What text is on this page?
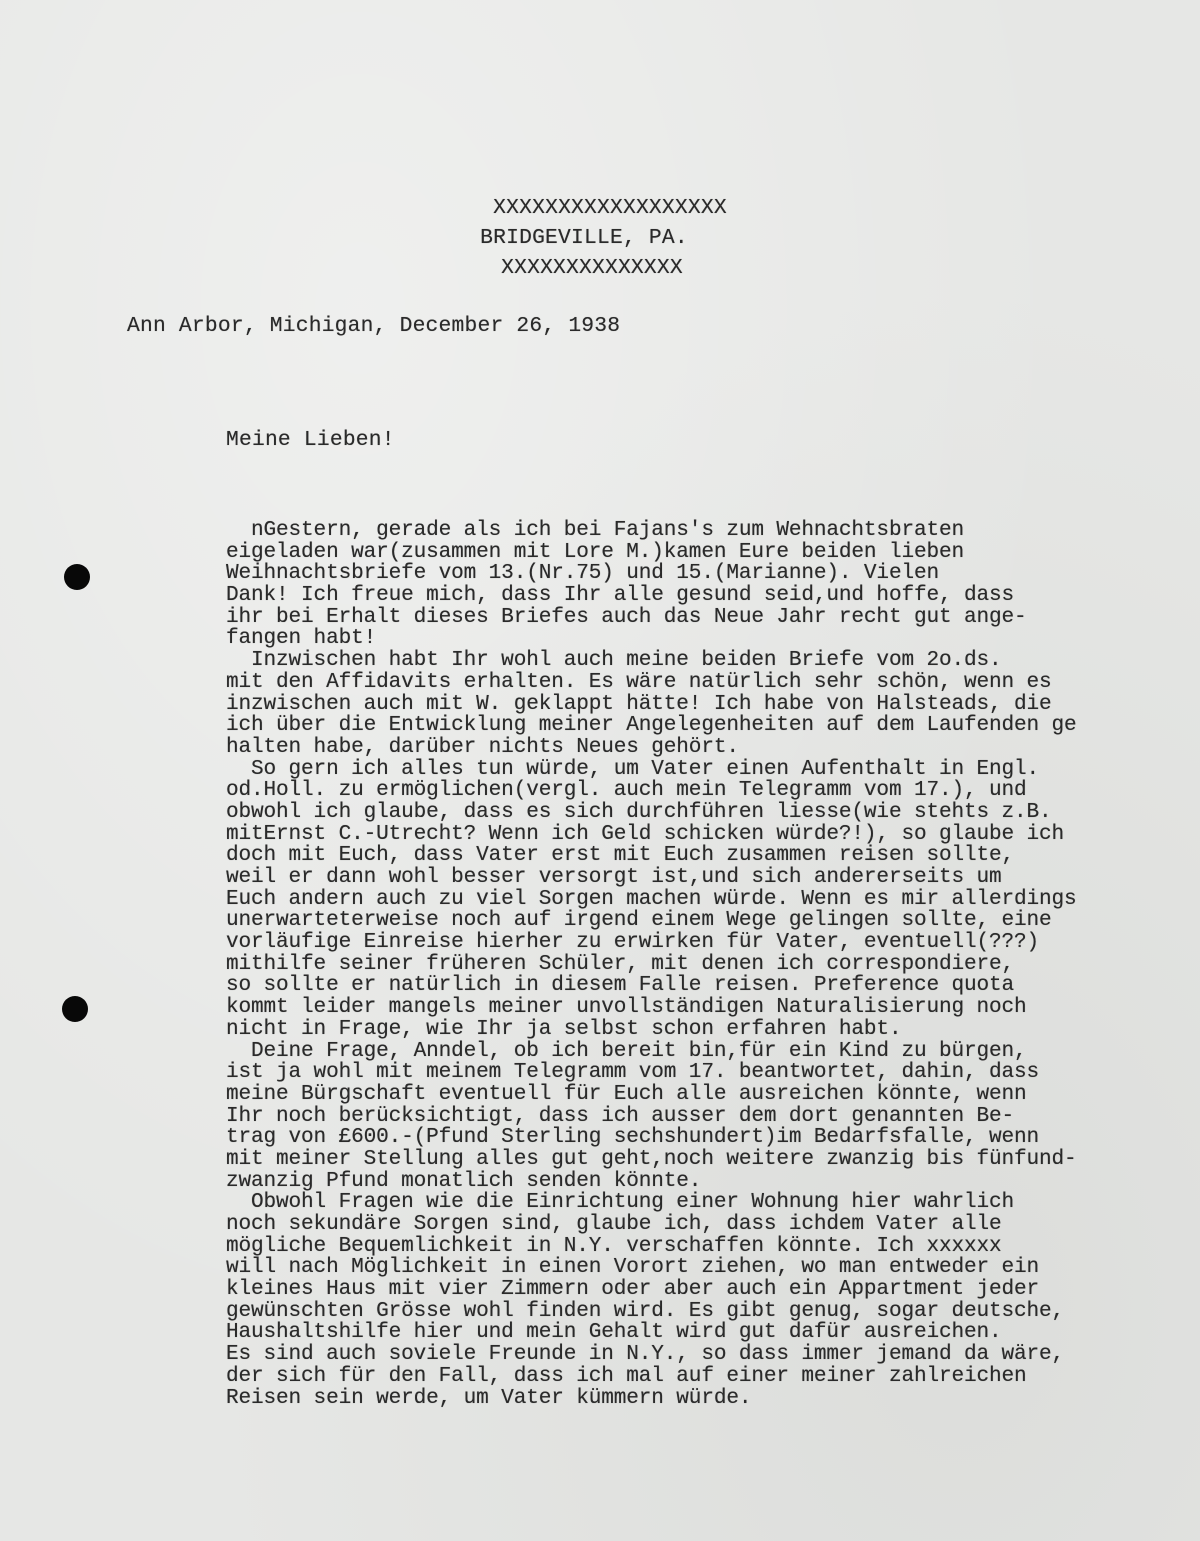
XXXXXXXXXXXXXXXXXX
BRIDGEVILLE, PA.
XXXXXXXXXXXXXX
Ann Arbor, Michigan, December 26, 1938
Meine Lieben!
nGestern, gerade als ich bei Fajans's zum Wehnachtsbraten
eigeladen war(zusammen mit Lore M.)kamen Eure beiden lieben
Weihnachtsbriefe vom 13.(Nr.75) und 15.(Marianne). Vielen
Dank! Ich freue mich, dass Ihr alle gesund seid,und hoffe, dass
ihr bei Erhalt dieses Briefes auch das Neue Jahr recht gut ange-
fangen habt!
Inzwischen habt Ihr wohl auch meine beiden Briefe vom 2o.ds.
mit den Affidavits erhalten. Es wäre natürlich sehr schön, wenn es
inzwischen auch mit W. geklappt hätte! Ich habe von Halsteads, die
ich über die Entwicklung meiner Angelegenheiten auf dem Laufenden ge
halten habe, darüber nichts Neues gehört.
So gern ich alles tun würde, um Vater einen Aufenthalt in Engl.
od.Holl. zu ermöglichen(vergl. auch mein Telegramm vom 17.), und
obwohl ich glaube, dass es sich durchführen liesse(wie stehts z.B.
mitErnst C.-Utrecht? Wenn ich Geld schicken würde?!), so glaube ich
doch mit Euch, dass Vater erst mit Euch zusammen reisen sollte,
weil er dann wohl besser versorgt ist,und sich andererseits um
Euch andern auch zu viel Sorgen machen würde. Wenn es mir allerdings
unerwarteterweise noch auf irgend einem Wege gelingen sollte, eine
vorläufige Einreise hierher zu erwirken für Vater, eventuell(???)
mithilfe seiner früheren Schüler, mit denen ich correspondiere,
so sollte er natürlich in diesem Falle reisen. Preference quota
kommt leider mangels meiner unvollständigen Naturalisierung noch
nicht in Frage, wie Ihr ja selbst schon erfahren habt.
Deine Frage, Anndel, ob ich bereit bin,für ein Kind zu bürgen,
ist ja wohl mit meinem Telegramm vom 17. beantwortet, dahin, dass
meine Bürgschaft eventuell für Euch alle ausreichen könnte, wenn
Ihr noch berücksichtigt, dass ich ausser dem dort genannten Be-
trag von £600.-(Pfund Sterling sechshundert)im Bedarfsfalle, wenn
mit meiner Stellung alles gut geht,noch weitere zwanzig bis fünfund-
zwanzig Pfund monatlich senden könnte.
Obwohl Fragen wie die Einrichtung einer Wohnung hier wahrlich
noch sekundäre Sorgen sind, glaube ich, dass ichdem Vater alle
mögliche Bequemlichkeit in N.Y. verschaffen könnte. Ich xxxxxx
will nach Möglichkeit in einen Vorort ziehen, wo man entweder ein
kleines Haus mit vier Zimmern oder aber auch ein Appartment jeder
gewünschten Grösse wohl finden wird. Es gibt genug, sogar deutsche,
Haushaltshilfe hier und mein Gehalt wird gut dafür ausreichen.
Es sind auch soviele Freunde in N.Y., so dass immer jemand da wäre,
der sich für den Fall, dass ich mal auf einer meiner zahlreichen
Reisen sein werde, um Vater kümmern würde.
